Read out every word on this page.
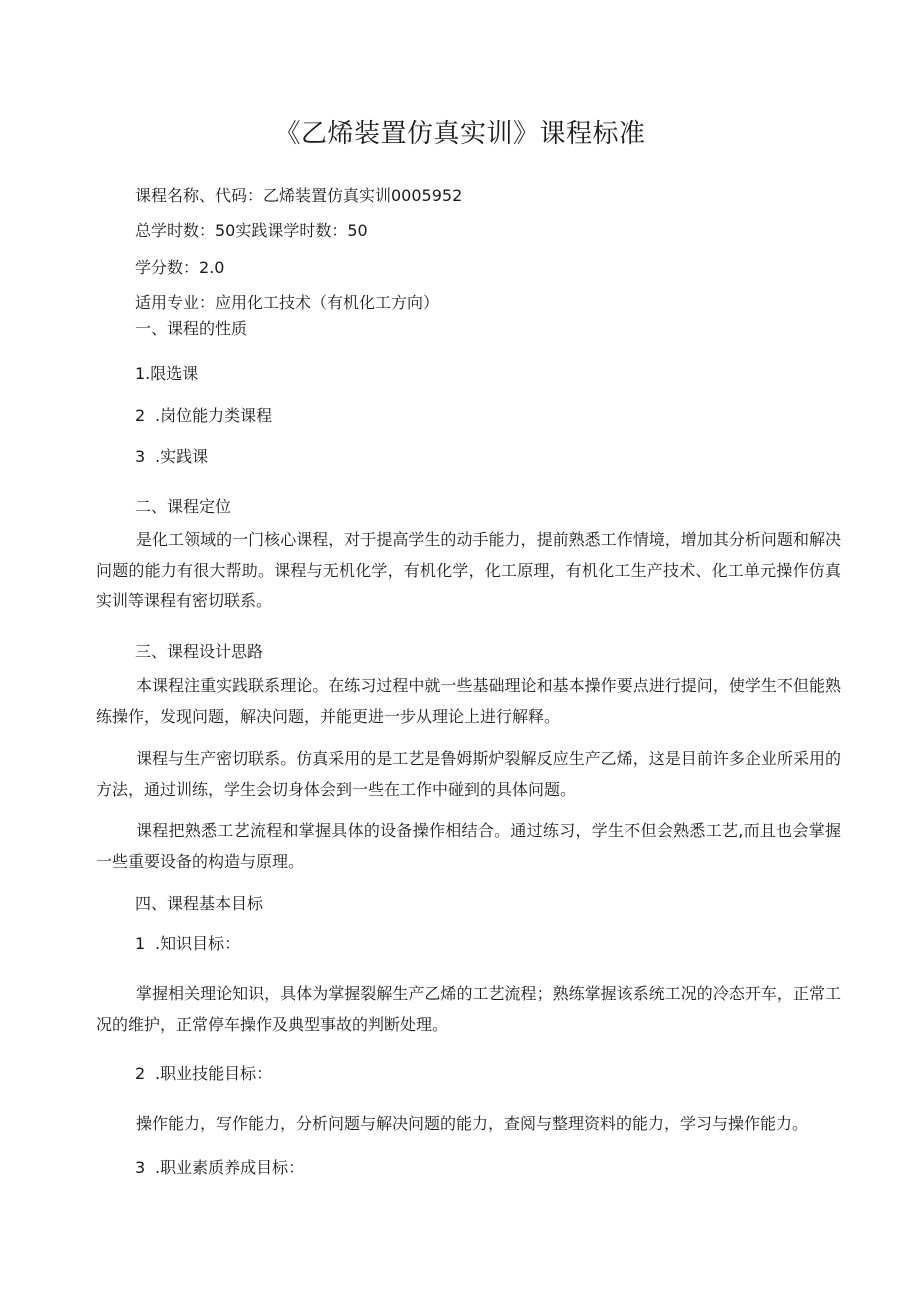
《乙烯装置仿真实训》课程标准
课程名称、代码：乙烯装置仿真实训0005952
总学时数：50实践课学时数：50
学分数：2.0
适用专业：应用化工技术（有机化工方向）
一、课程的性质
1.限选课
2 .岗位能力类课程
3 .实践课
二、课程定位
是化工领域的一门核心课程，对于提高学生的动手能力，提前熟悉工作情境，增加其分析问题和解决问题的能力有很大帮助。课程与无机化学，有机化学，化工原理，有机化工生产技术、化工单元操作仿真实训等课程有密切联系。
三、课程设计思路
本课程注重实践联系理论。在练习过程中就一些基础理论和基本操作要点进行提问，使学生不但能熟练操作，发现问题，解决问题，并能更进一步从理论上进行解释。
课程与生产密切联系。仿真采用的是工艺是鲁姆斯炉裂解反应生产乙烯，这是目前许多企业所采用的方法，通过训练，学生会切身体会到一些在工作中碰到的具体问题。
课程把熟悉工艺流程和掌握具体的设备操作相结合。通过练习，学生不但会熟悉工艺,而且也会掌握一些重要设备的构造与原理。
四、课程基本目标
1 .知识目标：
掌握相关理论知识，具体为掌握裂解生产乙烯的工艺流程；熟练掌握该系统工况的冷态开车，正常工况的维护，正常停车操作及典型事故的判断处理。
2 .职业技能目标：
操作能力，写作能力，分析问题与解决问题的能力，查阅与整理资料的能力，学习与操作能力。
3 .职业素质养成目标：
